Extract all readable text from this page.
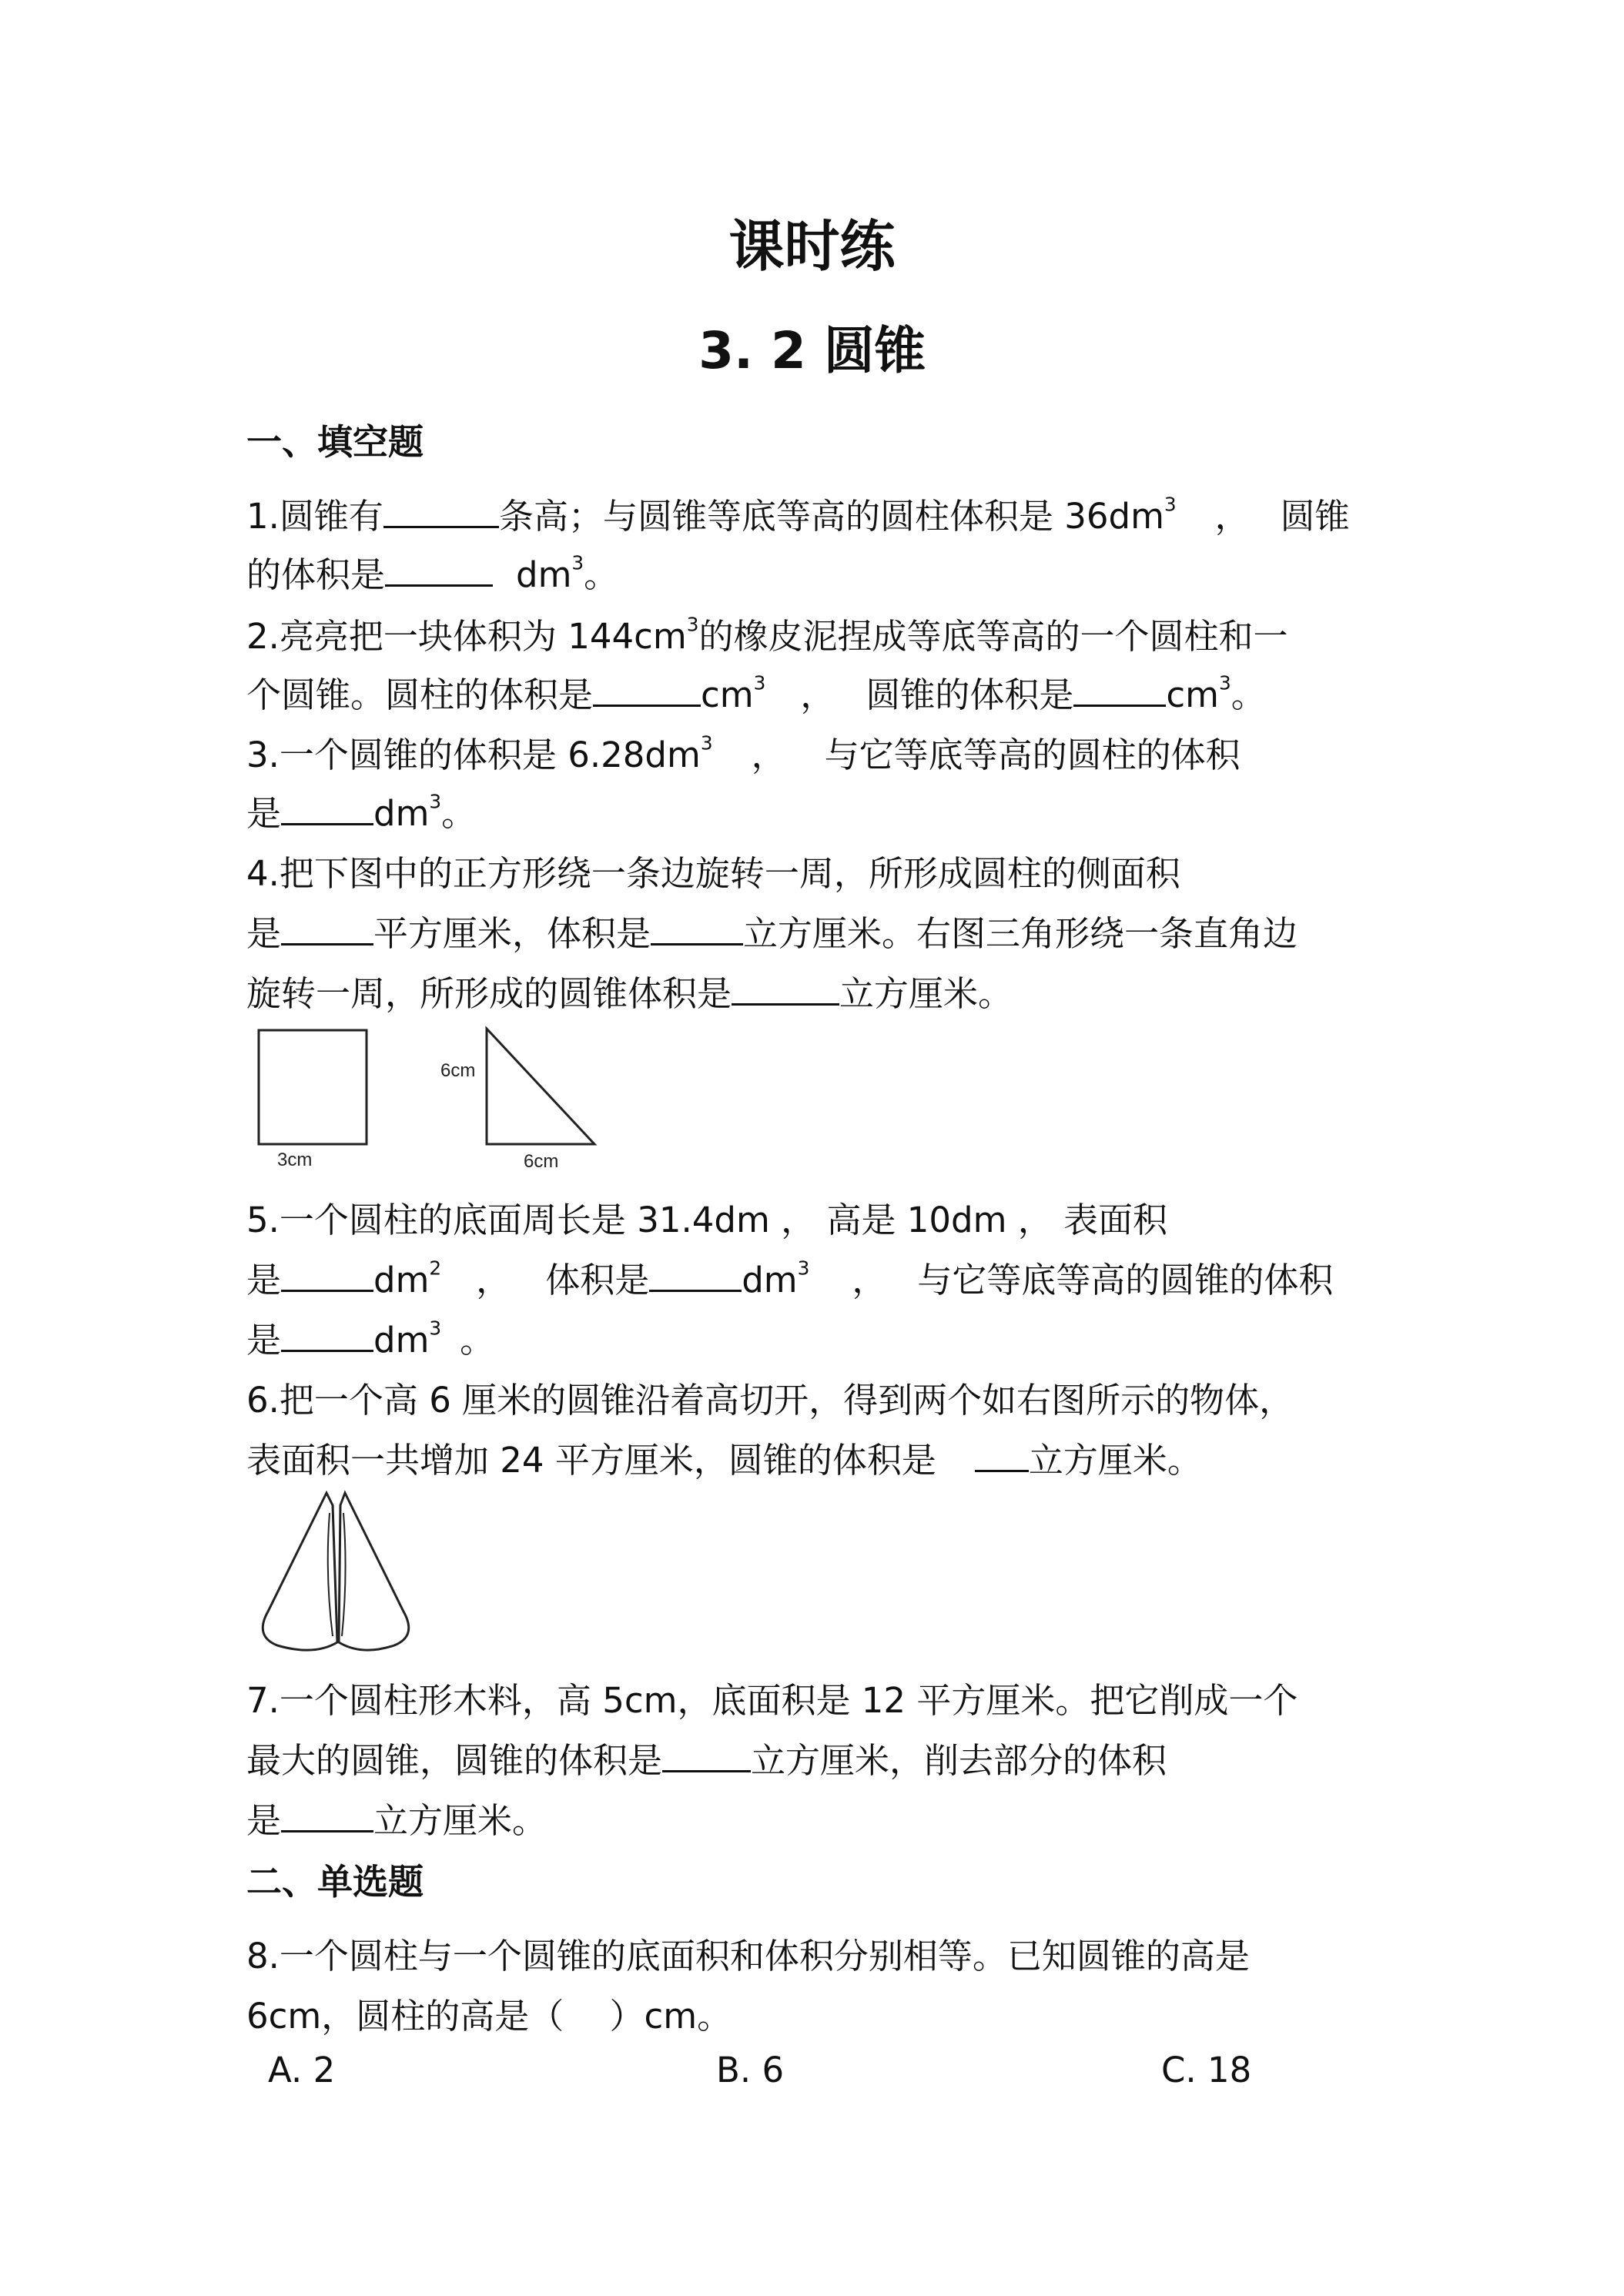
课时练
3. 2 圆锥
一、填空题
1.圆锥有	条高；与圆锥等底等高的圆柱体积是 $36dm^3$ ， 圆锥
的体积是	$dm^3$。
2.亮亮把一块体积为 $144cm^3$的橡皮泥捏成等底等高的一个圆柱和一
个圆锥。圆柱的体积是	$cm^3$ ， 圆锥的体积是	$cm^3$。
3.一个圆锥的体积是 $6.28dm^3$ ， 与它等底等高的圆柱的体积
是	$dm^3$。
4.把下图中的正方形绕一条边旋转一周，所形成圆柱的侧面积
是	平方厘米，体积是	立方厘米。右图三角形绕一条直角边
旋转一周，所形成的圆锥体积是	立方厘米。
3cm
6cm
6cm
5.一个圆柱的底面周长是 31.4dm ， 高是 10dm ， 表面积
是	$dm^2$ ， 体积是	$dm^3$ ， 与它等底等高的圆锥的体积
是	$dm^3$ 。
6.把一个高 6 厘米的圆锥沿着高切开，得到两个如右图所示的物体，
表面积一共增加 24 平方厘米，圆锥的体积是	立方厘米。
7.一个圆柱形木料，高 5cm，底面积是 12 平方厘米。把它削成一个
最大的圆锥，圆锥的体积是	立方厘米，削去部分的体积
是	立方厘米。
二、单选题
8.一个圆柱与一个圆锥的底面积和体积分别相等。已知圆锥的高是
6cm，圆柱的高是（　 ）cm。
A. 2	B. 6	C. 18
